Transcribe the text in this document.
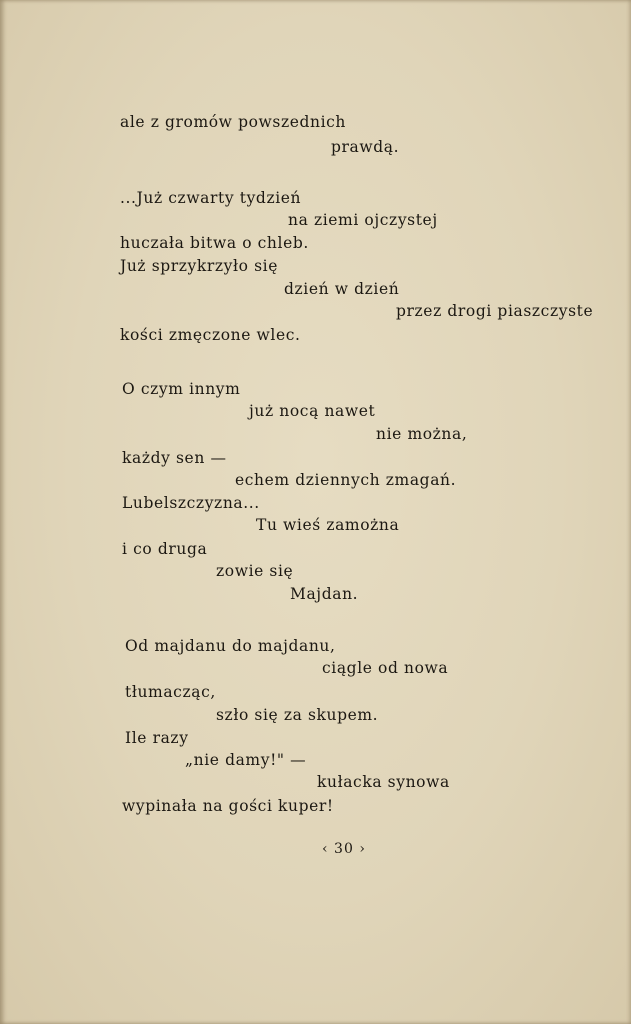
ale z gromów powszednich
prawdą.
...Już czwarty tydzień
na ziemi ojczystej
huczała bitwa o chleb.
Już sprzykrzyło się
dzień w dzień
przez drogi piaszczyste
kości zmęczone wlec.
O czym innym
już nocą nawet
nie można,
każdy sen —
echem dziennych zmagań.
Lubelszczyzna...
Tu wieś zamożna
i co druga
zowie się
Majdan.
Od majdanu do majdanu,
ciągle od nowa
tłumacząc,
szło się za skupem.
Ile razy
„nie damy!" —
kułacka synowa
wypinała na gości kuper!
‹ 30 ›
